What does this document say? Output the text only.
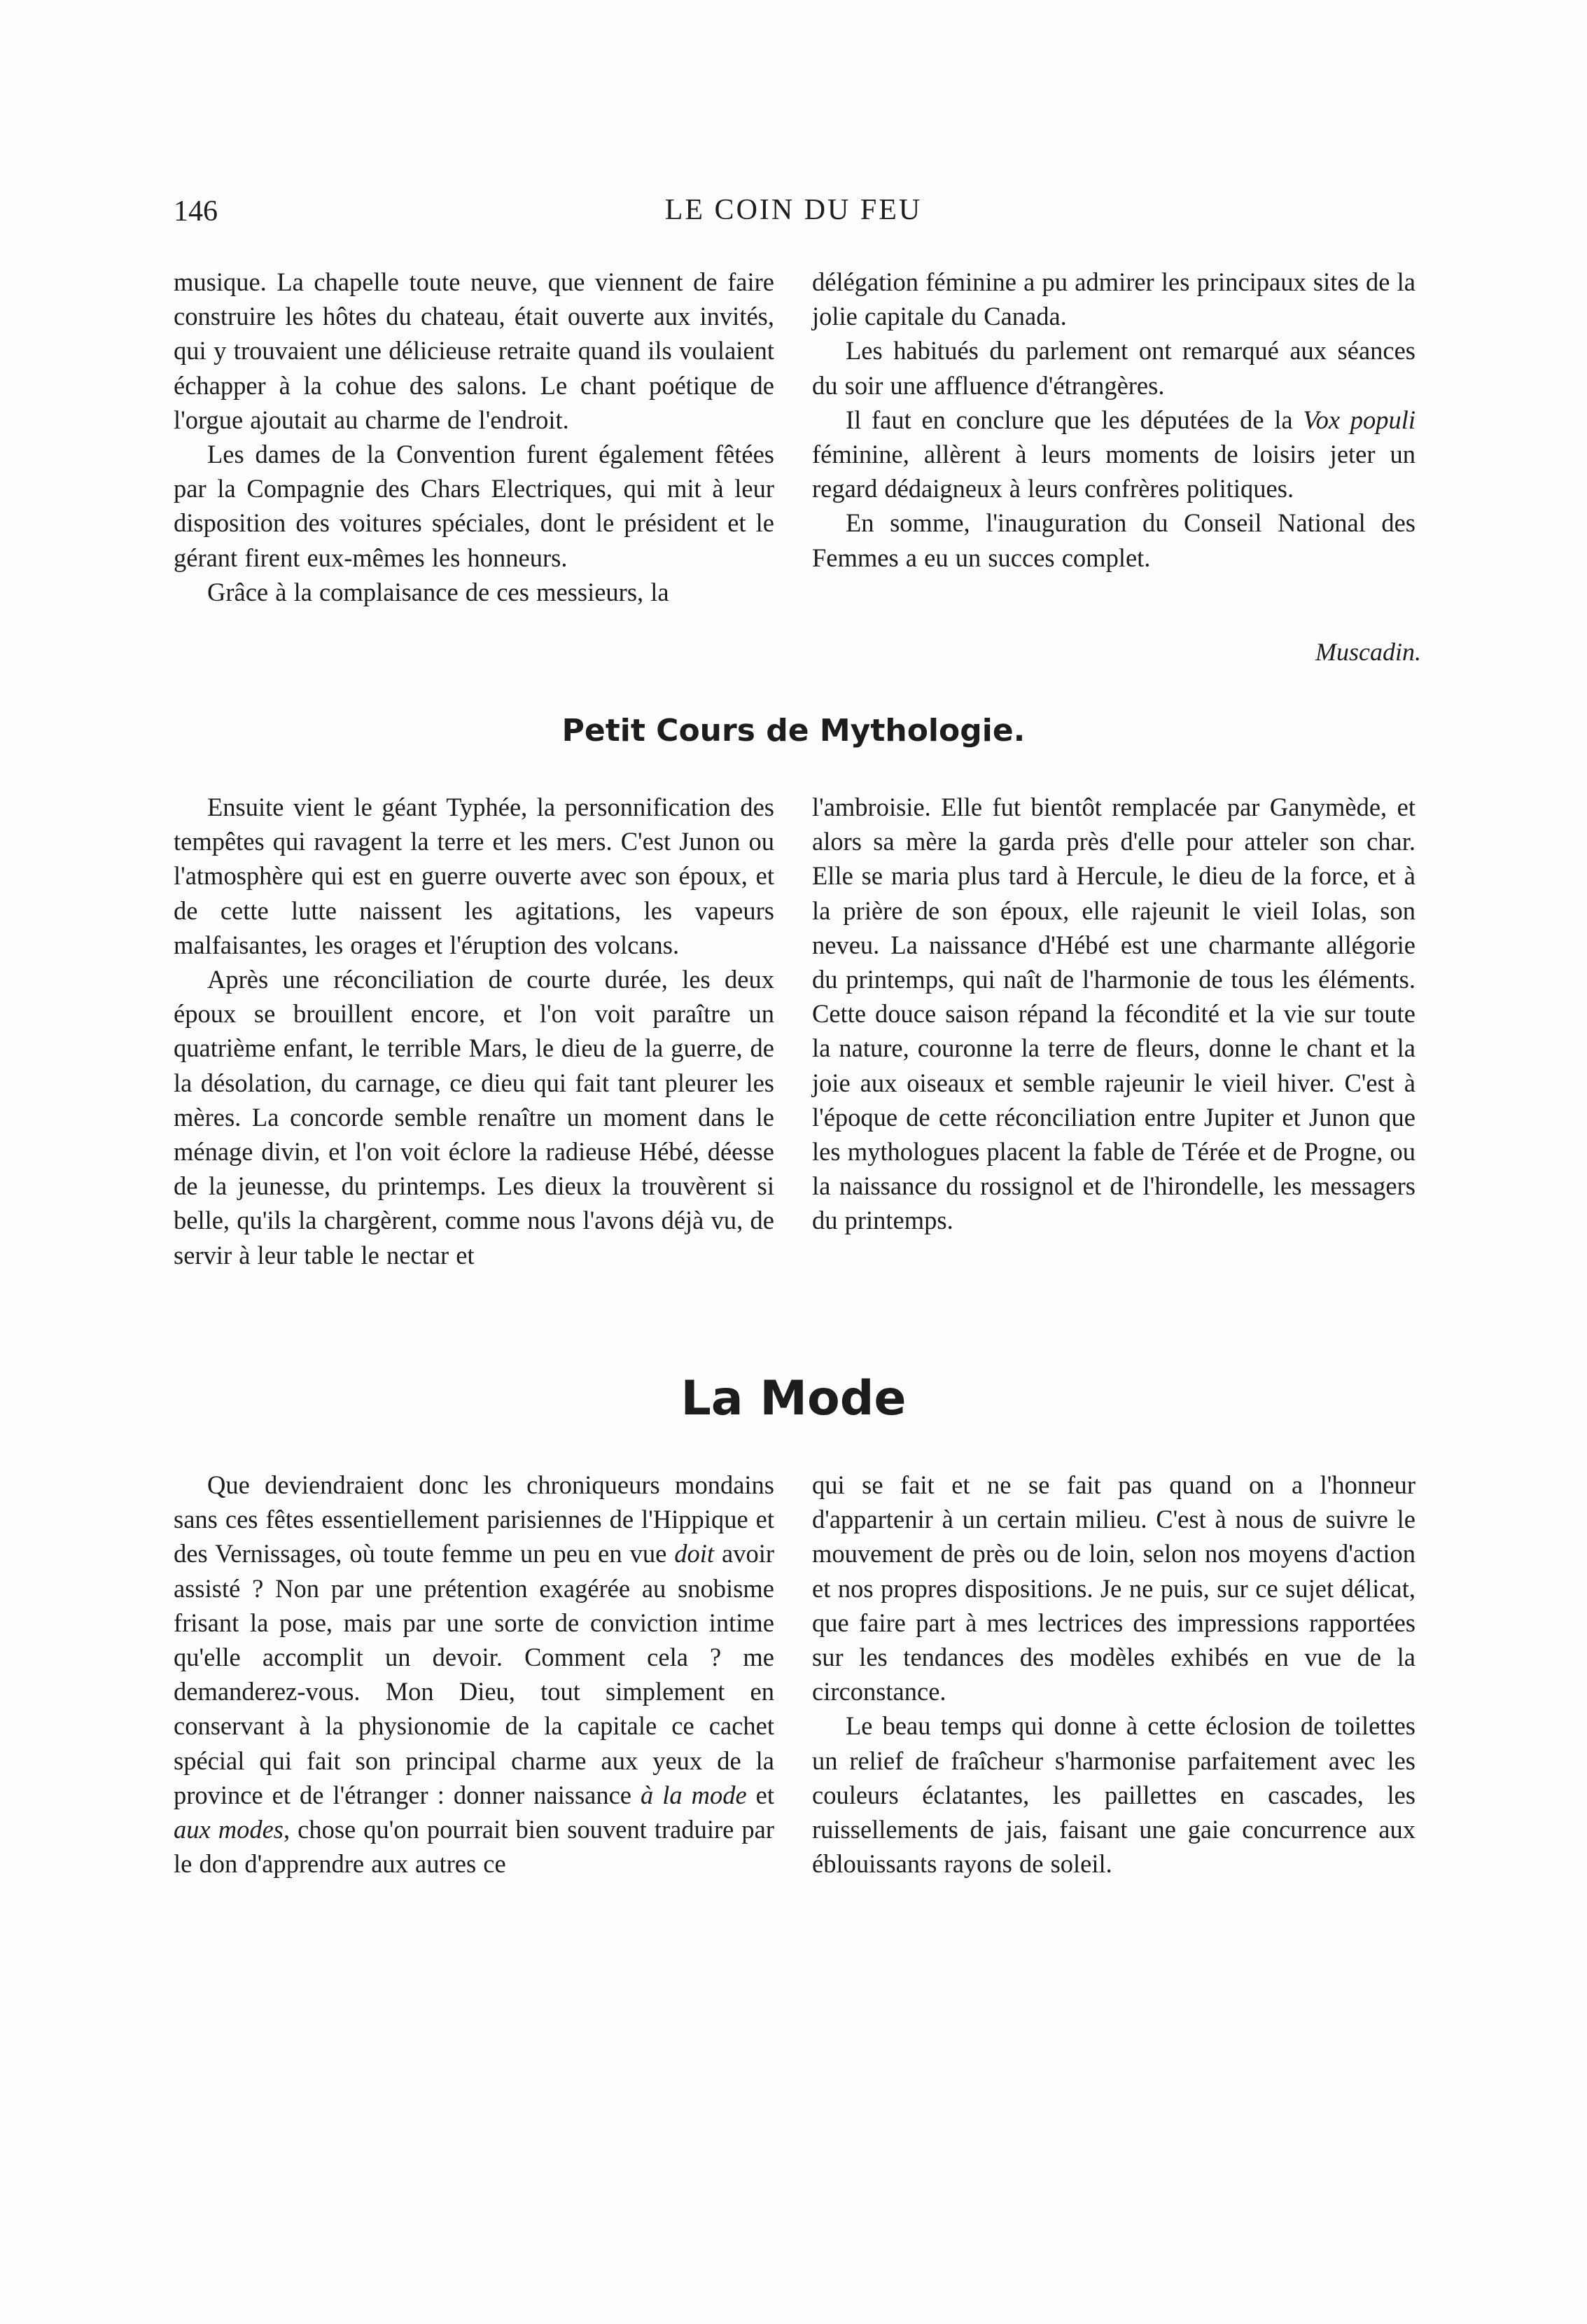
146	LE COIN DU FEU

musique. La chapelle toute neuve, que viennent de faire construire les hôtes du chateau, était ouverte aux invités, qui y trouvaient une délicieuse retraite quand ils voulaient échapper à la cohue des salons. Le chant poétique de l'orgue ajoutait au charme de l'endroit.

Les dames de la Convention furent également fêtées par la Compagnie des Chars Electriques, qui mit à leur disposition des voitures spéciales, dont le président et le gérant firent eux-mêmes les honneurs.

Grâce à la complaisance de ces messieurs, la

délégation féminine a pu admirer les principaux sites de la jolie capitale du Canada.

Les habitués du parlement ont remarqué aux séances du soir une affluence d'étrangères.

Il faut en conclure que les députées de la Vox populi féminine, allèrent à leurs moments de loisirs jeter un regard dédaigneux à leurs confrères politiques.

En somme, l'inauguration du Conseil National des Femmes a eu un succes complet.

Muscadin.
Petit Cours de Mythologie.

Ensuite vient le géant Typhée, la personnification des tempêtes qui ravagent la terre et les mers. C'est Junon ou l'atmosphère qui est en guerre ouverte avec son époux, et de cette lutte naissent les agitations, les vapeurs malfaisantes, les orages et l'éruption des volcans.

Après une réconciliation de courte durée, les deux époux se brouillent encore, et l'on voit paraître un quatrième enfant, le terrible Mars, le dieu de la guerre, de la désolation, du carnage, ce dieu qui fait tant pleurer les mères. La concorde semble renaître un moment dans le ménage divin, et l'on voit éclore la radieuse Hébé, déesse de la jeunesse, du printemps. Les dieux la trouvèrent si belle, qu'ils la chargèrent, comme nous l'avons déjà vu, de servir à leur table le nectar et

l'ambroisie. Elle fut bientôt remplacée par Ganymède, et alors sa mère la garda près d'elle pour atteler son char. Elle se maria plus tard à Hercule, le dieu de la force, et à la prière de son époux, elle rajeunit le vieil Iolas, son neveu. La naissance d'Hébé est une charmante allégorie du printemps, qui naît de l'harmonie de tous les éléments. Cette douce saison répand la fécondité et la vie sur toute la nature, couronne la terre de fleurs, donne le chant et la joie aux oiseaux et semble rajeunir le vieil hiver. C'est à l'époque de cette réconciliation entre Jupiter et Junon que les mythologues placent la fable de Térée et de Progne, ou la naissance du rossignol et de l'hirondelle, les messagers du printemps.

La Mode

Que deviendraient donc les chroniqueurs mondains sans ces fêtes essentiellement parisiennes de l'Hippique et des Vernissages, où toute femme un peu en vue doit avoir assisté ? Non par une prétention exagérée au snobisme frisant la pose, mais par une sorte de conviction intime qu'elle accomplit un devoir. Comment cela ? me demanderez-vous. Mon Dieu, tout simplement en conservant à la physionomie de la capitale ce cachet spécial qui fait son principal charme aux yeux de la province et de l'étranger : donner naissance à la mode et aux modes, chose qu'on pourrait bien souvent traduire par le don d'apprendre aux autres ce

qui se fait et ne se fait pas quand on a l'honneur d'appartenir à un certain milieu. C'est à nous de suivre le mouvement de près ou de loin, selon nos moyens d'action et nos propres dispositions. Je ne puis, sur ce sujet délicat, que faire part à mes lectrices des impressions rapportées sur les tendances des modèles exhibés en vue de la circonstance.

Le beau temps qui donne à cette éclosion de toilettes un relief de fraîcheur s'harmonise parfaitement avec les couleurs éclatantes, les paillettes en cascades, les ruissellements de jais, faisant une gaie concurrence aux éblouissants rayons de soleil.
